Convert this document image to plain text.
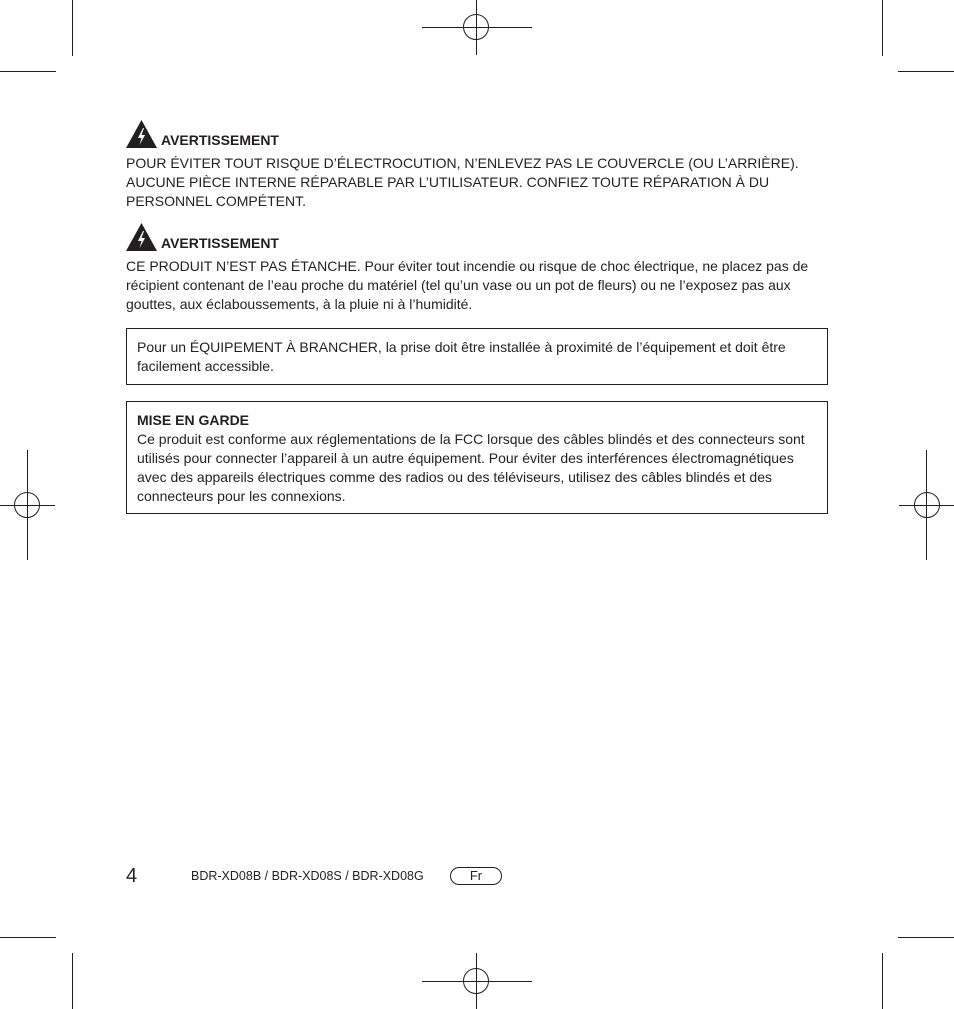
AVERTISSEMENT
POUR ÉVITER TOUT RISQUE D’ÉLECTROCUTION, N’ENLEVEZ PAS LE COUVERCLE (OU L’ARRIÈRE). AUCUNE PIÈCE INTERNE RÉPARABLE PAR L’UTILISATEUR. CONFIEZ TOUTE RÉPARATION À DU PERSONNEL COMPÉTENT.
AVERTISSEMENT
CE PRODUIT N’EST PAS ÉTANCHE. Pour éviter tout incendie ou risque de choc électrique, ne placez pas de récipient contenant de l’eau proche du matériel (tel qu’un vase ou un pot de fleurs) ou ne l’exposez pas aux gouttes, aux éclaboussements, à la pluie ni à l’humidité.
Pour un ÉQUIPEMENT À BRANCHER, la prise doit être installée à proximité de l’équipement et doit être facilement accessible.
MISE EN GARDE
Ce produit est conforme aux réglementations de la FCC lorsque des câbles blindés et des connecteurs sont utilisés pour connecter l’appareil à un autre équipement. Pour éviter des interférences électromagnétiques avec des appareils électriques comme des radios ou des téléviseurs, utilisez des câbles blindés et des connecteurs pour les connexions.
4	BDR-XD08B / BDR-XD08S / BDR-XD08G	Fr
